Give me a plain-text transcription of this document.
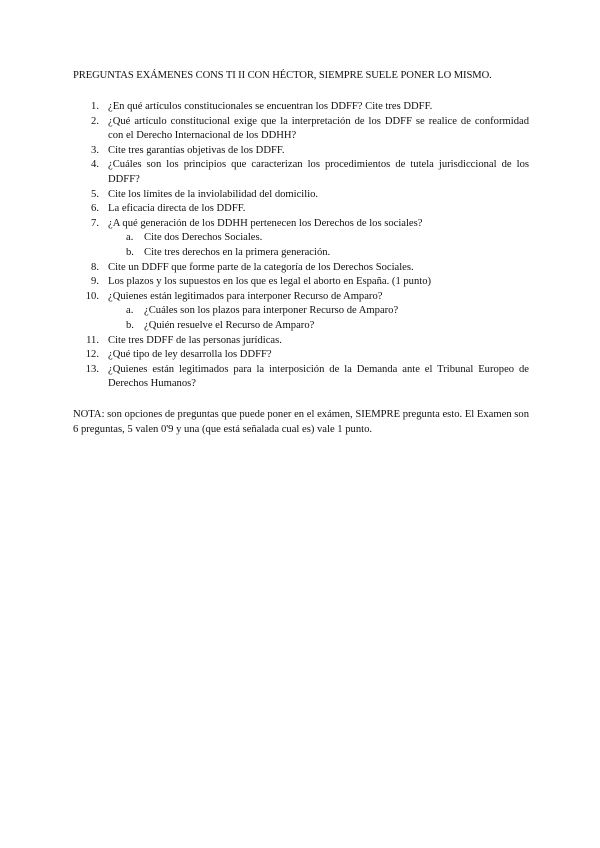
PREGUNTAS EXÁMENES CONS TI II CON HÉCTOR, SIEMPRE SUELE PONER LO MISMO.
1. ¿En qué artículos constitucionales se encuentran los DDFF? Cite tres DDFF.
2. ¿Qué artículo constitucional exige que la interpretación de los DDFF se realice de conformidad con el Derecho Internacional de los DDHH?
3. Cite tres garantías objetivas de los DDFF.
4. ¿Cuáles son los principios que caracterizan los procedimientos de tutela jurisdiccional de los DDFF?
5. Cite los límites de la inviolabilidad del domicilio.
6. La eficacia directa de los DDFF.
7. ¿A qué generación de los DDHH pertenecen los Derechos de los sociales?
a. Cite dos Derechos Sociales.
b. Cite tres derechos en la primera generación.
8. Cite un DDFF que forme parte de la categoría de los Derechos Sociales.
9. Los plazos y los supuestos en los que es legal el aborto en España. (1 punto)
10. ¿Quienes están legitimados para interponer Recurso de Amparo?
a. ¿Cuáles son los plazos para interponer Recurso de Amparo?
b. ¿Quién resuelve el Recurso de Amparo?
11. Cite tres DDFF de las personas jurídicas.
12. ¿Qué tipo de ley desarrolla los DDFF?
13. ¿Quienes están legitimados para la interposición de la Demanda ante el Tribunal Europeo de Derechos Humanos?
NOTA: son opciones de preguntas que puede poner en el exámen, SIEMPRE pregunta esto. El Examen son 6 preguntas, 5 valen 0'9 y una (que está señalada cual es) vale 1 punto.
